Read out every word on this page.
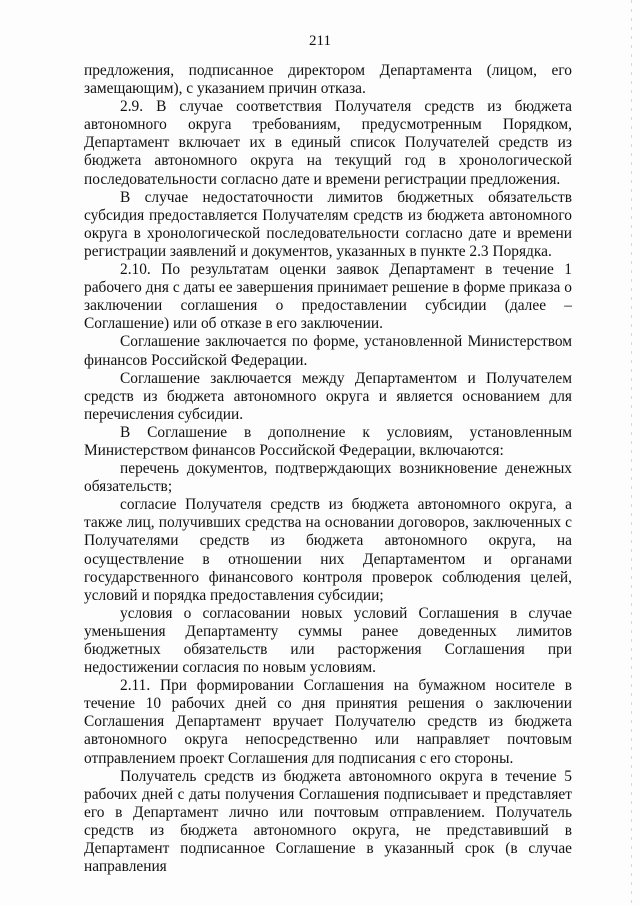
211

предложения, подписанное директором Департамента (лицом, его замещающим), с указанием причин отказа.

2.9. В случае соответствия Получателя средств из бюджета автономного округа требованиям, предусмотренным Порядком, Департамент включает их в единый список Получателей средств из бюджета автономного округа на текущий год в хронологической последовательности согласно дате и времени регистрации предложения.

В случае недостаточности лимитов бюджетных обязательств субсидия предоставляется Получателям средств из бюджета автономного округа в хронологической последовательности согласно дате и времени регистрации заявлений и документов, указанных в пункте 2.3 Порядка.

2.10. По результатам оценки заявок Департамент в течение 1 рабочего дня с даты ее завершения принимает решение в форме приказа о заключении соглашения о предоставлении субсидии (далее – Соглашение) или об отказе в его заключении.

Соглашение заключается по форме, установленной Министерством финансов Российской Федерации.

Соглашение заключается между Департаментом и Получателем средств из бюджета автономного округа и является основанием для перечисления субсидии.

В Соглашение в дополнение к условиям, установленным Министерством финансов Российской Федерации, включаются:

перечень документов, подтверждающих возникновение денежных обязательств;

согласие Получателя средств из бюджета автономного округа, а также лиц, получивших средства на основании договоров, заключенных с Получателями средств из бюджета автономного округа, на осуществление в отношении них Департаментом и органами государственного финансового контроля проверок соблюдения целей, условий и порядка предоставления субсидии;

условия о согласовании новых условий Соглашения в случае уменьшения Департаменту суммы ранее доведенных лимитов бюджетных обязательств или расторжения Соглашения при недостижении согласия по новым условиям.

2.11. При формировании Соглашения на бумажном носителе в течение 10 рабочих дней со дня принятия решения о заключении Соглашения Департамент вручает Получателю средств из бюджета автономного округа непосредственно или направляет почтовым отправлением проект Соглашения для подписания с его стороны.

Получатель средств из бюджета автономного округа в течение 5 рабочих дней с даты получения Соглашения подписывает и представляет его в Департамент лично или почтовым отправлением. Получатель средств из бюджета автономного округа, не представивший в Департамент подписанное Соглашение в указанный срок (в случае направления
